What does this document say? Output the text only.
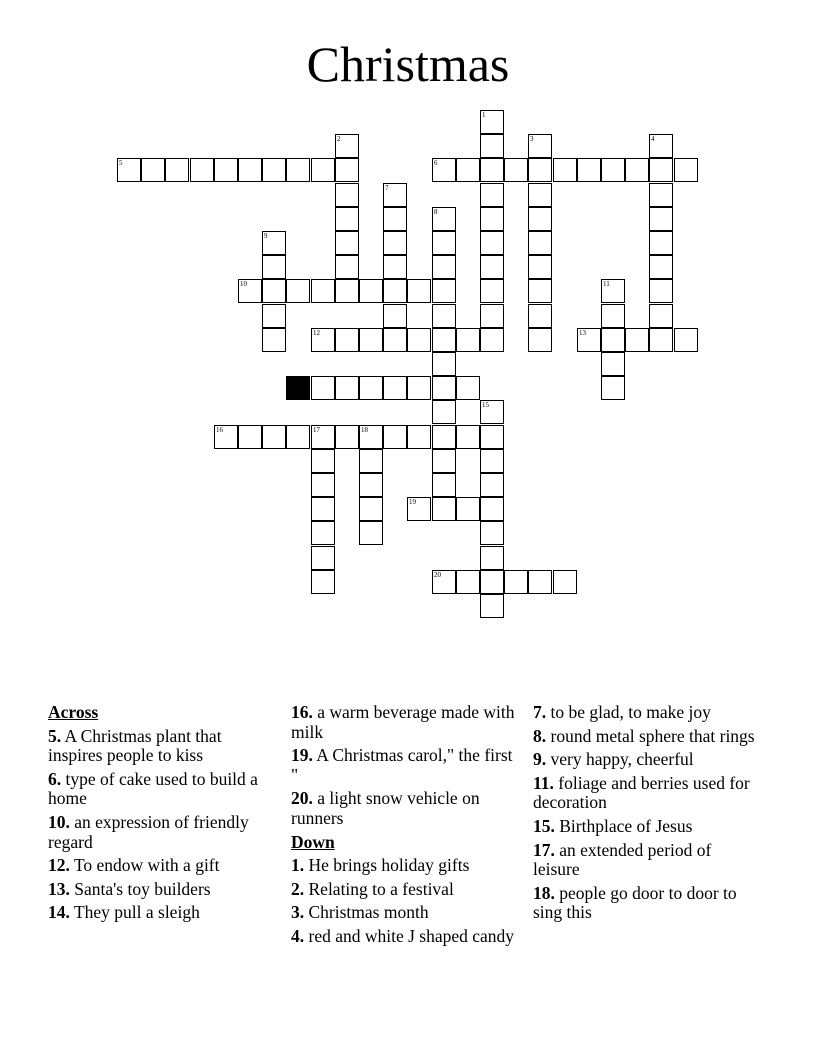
Christmas
1
2	3	4
5	6
7
8
9
10	11
12	13
14
15
16	17	18
19
20
Across

5. A Christmas plant that inspires people to kiss

6. type of cake used to build a home

10. an expression of friendly regard

12. To endow with a gift

13. Santa's toy builders

14. They pull a sleigh

16. a warm beverage made with milk

19. A Christmas carol," the first "

20. a light snow vehicle on runners

Down

1. He brings holiday gifts

2. Relating to a festival

3. Christmas month

4. red and white J shaped candy

7. to be glad, to make joy

8. round metal sphere that rings

9. very happy, cheerful

11. foliage and berries used for decoration

15. Birthplace of Jesus

17. an extended period of leisure

18. people go door to door to sing this
